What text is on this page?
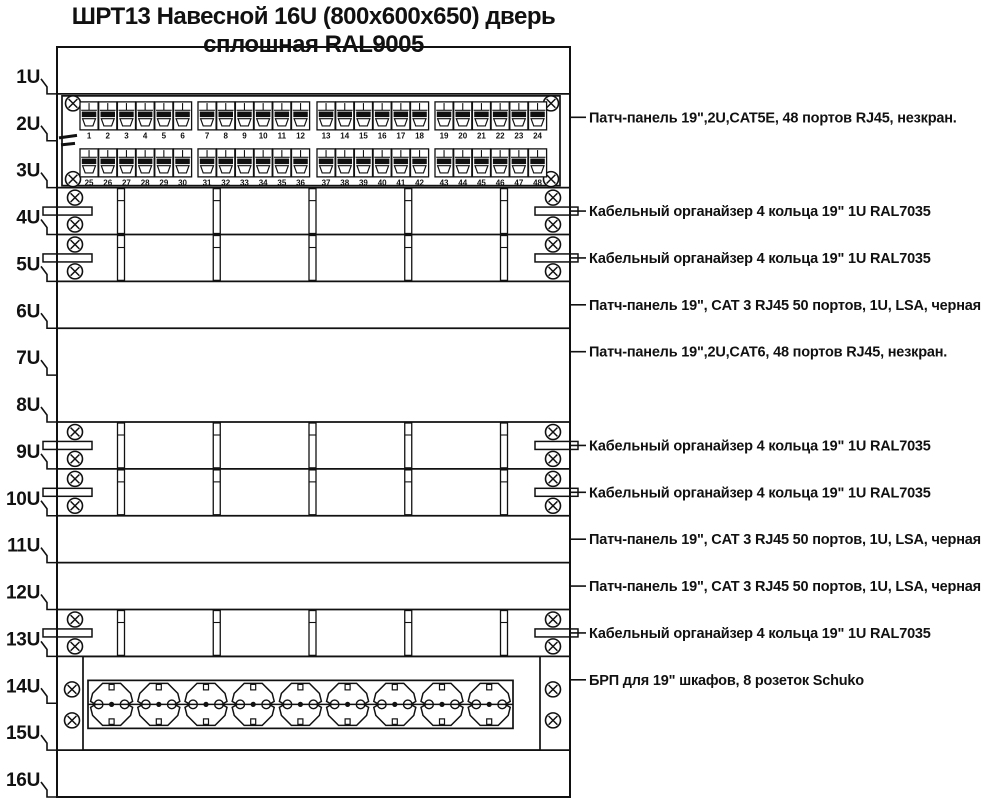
ШРТ13 Навесной 16U (800x600x650) дверь
сплошная RAL9005
1
25
2
26
3
27
4
28
5
29
6
30
7
31
8
32
9
33
10
34
11
35
12
36
13
37
14
38
15
39
16
40
17
41
18
42
19
43
20
44
21
45
22
46
23
47
24
48
1U
2U
3U
4U
5U
6U
7U
8U
9U
10U
11U
12U
13U
14U
15U
16U
Патч-панель 19",2U,CAT5E, 48 портов RJ45, незкран.
Кабельный органайзер 4 кольца 19" 1U RAL7035
Кабельный органайзер 4 кольца 19" 1U RAL7035
Патч-панель 19", CAT 3 RJ45 50 портов, 1U, LSA, черная
Патч-панель 19",2U,CAT6, 48 портов RJ45, незкран.
Кабельный органайзер 4 кольца 19" 1U RAL7035
Кабельный органайзер 4 кольца 19" 1U RAL7035
Патч-панель 19", CAT 3 RJ45 50 портов, 1U, LSA, черная
Патч-панель 19", CAT 3 RJ45 50 портов, 1U, LSA, черная
Кабельный органайзер 4 кольца 19" 1U RAL7035
БРП для 19" шкафов, 8 розеток Schuko
